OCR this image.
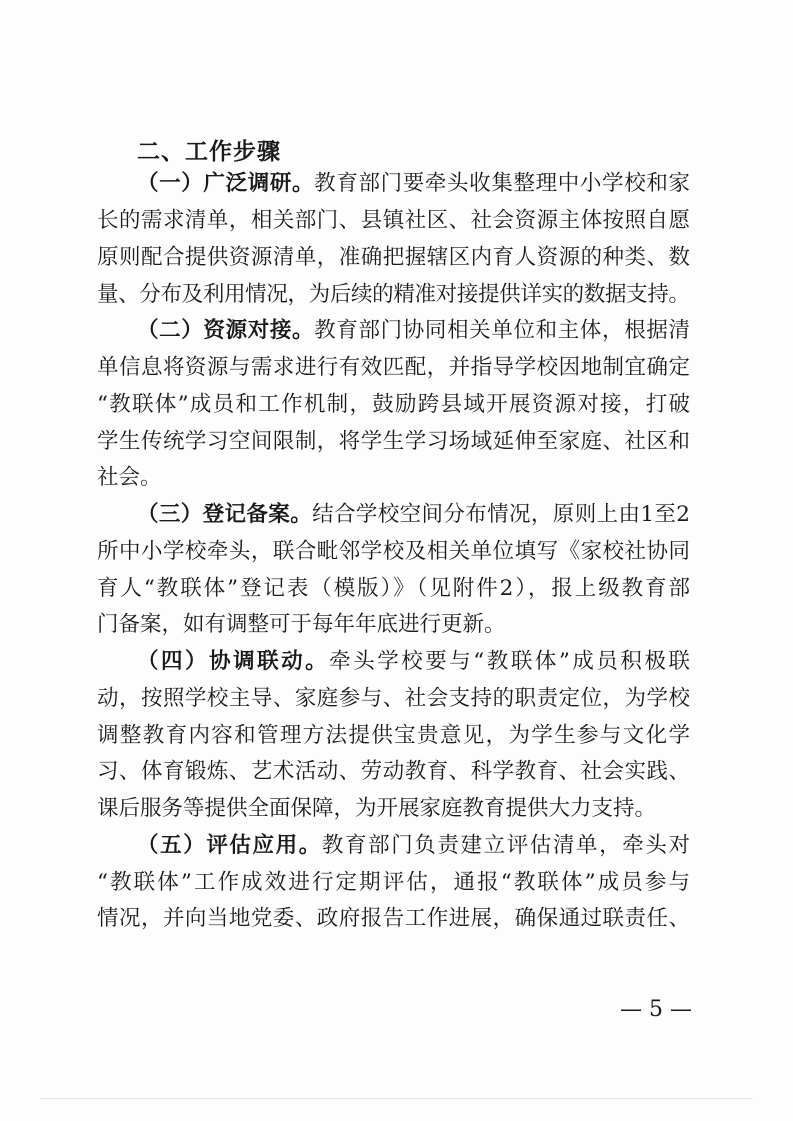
二、工作步骤
（一）广泛调研。教育部门要牵头收集整理中小学校和家
长的需求清单，相关部门、县镇社区、社会资源主体按照自愿
原则配合提供资源清单，准确把握辖区内育人资源的种类、数
量、分布及利用情况，为后续的精准对接提供详实的数据支持。
（二）资源对接。教育部门协同相关单位和主体，根据清
单信息将资源与需求进行有效匹配，并指导学校因地制宜确定
“教联体”成员和工作机制，鼓励跨县域开展资源对接，打破
学生传统学习空间限制，将学生学习场域延伸至家庭、社区和
社会。
（三）登记备案。结合学校空间分布情况，原则上由1至2
所中小学校牵头，联合毗邻学校及相关单位填写《家校社协同
育人“教联体”登记表（模版）》（见附件2），报上级教育部
门备案，如有调整可于每年年底进行更新。
（四）协调联动。牵头学校要与“教联体”成员积极联
动，按照学校主导、家庭参与、社会支持的职责定位，为学校
调整教育内容和管理方法提供宝贵意见，为学生参与文化学
习、体育锻炼、艺术活动、劳动教育、科学教育、社会实践、
课后服务等提供全面保障，为开展家庭教育提供大力支持。
（五）评估应用。教育部门负责建立评估清单，牵头对
“教联体”工作成效进行定期评估，通报“教联体”成员参与
情况，并向当地党委、政府报告工作进展，确保通过联责任、
— 5 —
